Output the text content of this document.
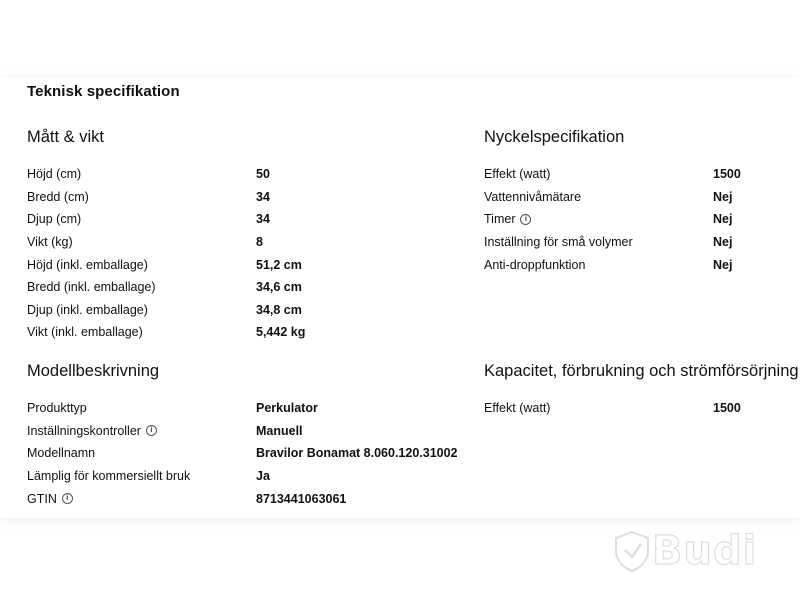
Teknisk specifikation
Mått & vikt
Höjd (cm)	50
Bredd (cm)	34
Djup (cm)	34
Vikt (kg)	8
Höjd (inkl. emballage)	51,2 cm
Bredd (inkl. emballage)	34,6 cm
Djup (inkl. emballage)	34,8 cm
Vikt (inkl. emballage)	5,442 kg
Nyckelspecifikation
Effekt (watt)	1500
Vattennivåmätare	Nej
Timer	i	Nej
Inställning för små volymer	Nej
Anti-droppfunktion	Nej
Modellbeskrivning
Produkttyp	Perkulator
Inställningskontroller	i	Manuell
Modellnamn	Bravilor Bonamat 8.060.120.31002
Lämplig för kommersiellt bruk	Ja
GTIN	i	8713441063061
Kapacitet, förbrukning och strömförsörjning
Effekt (watt)	1500
Budi
